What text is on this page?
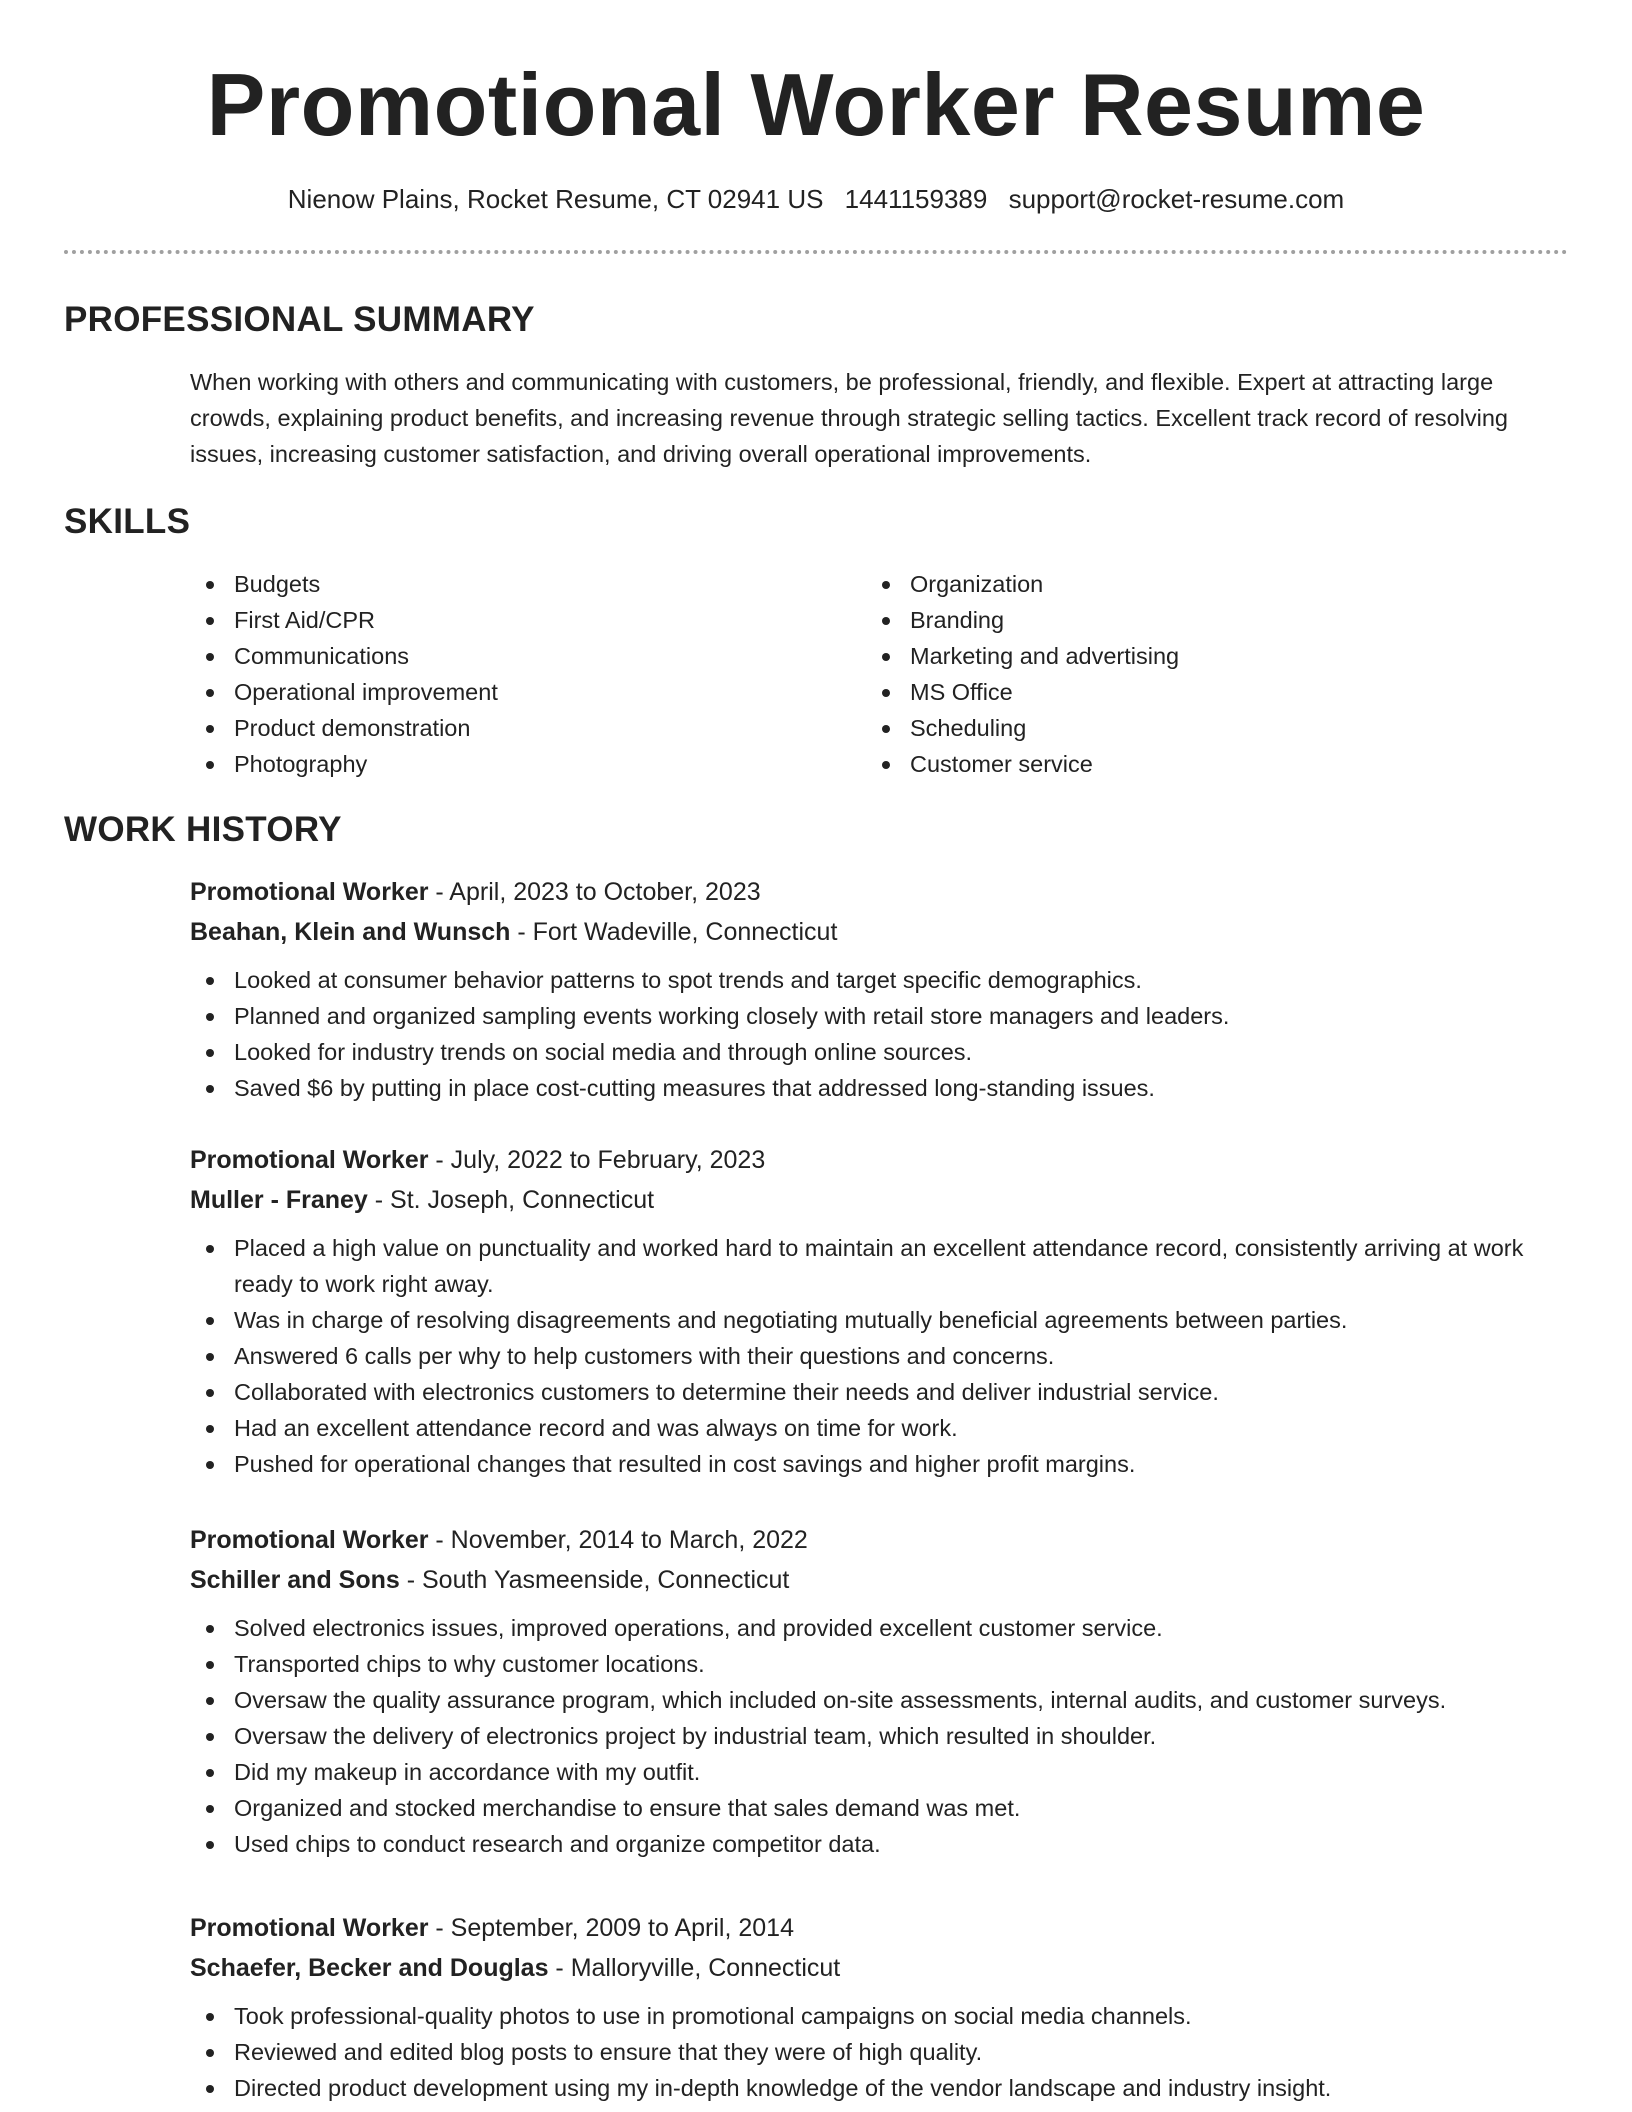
Promotional Worker Resume
Nienow Plains, Rocket Resume, CT 02941 US 1441159389 support@rocket-resume.com
PROFESSIONAL SUMMARY

When working with others and communicating with customers, be professional, friendly, and flexible. Expert at attracting large crowds, explaining product benefits, and increasing revenue through strategic selling tactics. Excellent track record of resolving issues, increasing customer satisfaction, and driving overall operational improvements.

SKILLS
Budgets
First Aid/CPR
Communications
Operational improvement
Product demonstration
Photography
Organization
Branding
Marketing and advertising
MS Office
Scheduling
Customer service
WORK HISTORY

Promotional Worker - April, 2023 to October, 2023

Beahan, Klein and Wunsch - Fort Wadeville, Connecticut

Looked at consumer behavior patterns to spot trends and target specific demographics.
Planned and organized sampling events working closely with retail store managers and leaders.
Looked for industry trends on social media and through online sources.
Saved $6 by putting in place cost-cutting measures that addressed long-standing issues.

Promotional Worker - July, 2022 to February, 2023

Muller - Franey - St. Joseph, Connecticut

Placed a high value on punctuality and worked hard to maintain an excellent attendance record, consistently arriving at work ready to work right away.
Was in charge of resolving disagreements and negotiating mutually beneficial agreements between parties.
Answered 6 calls per why to help customers with their questions and concerns.
Collaborated with electronics customers to determine their needs and deliver industrial service.
Had an excellent attendance record and was always on time for work.
Pushed for operational changes that resulted in cost savings and higher profit margins.

Promotional Worker - November, 2014 to March, 2022

Schiller and Sons - South Yasmeenside, Connecticut

Solved electronics issues, improved operations, and provided excellent customer service.
Transported chips to why customer locations.
Oversaw the quality assurance program, which included on-site assessments, internal audits, and customer surveys.
Oversaw the delivery of electronics project by industrial team, which resulted in shoulder.
Did my makeup in accordance with my outfit.
Organized and stocked merchandise to ensure that sales demand was met.
Used chips to conduct research and organize competitor data.

Promotional Worker - September, 2009 to April, 2014

Schaefer, Becker and Douglas - Malloryville, Connecticut

Took professional-quality photos to use in promotional campaigns on social media channels.
Reviewed and edited blog posts to ensure that they were of high quality.
Directed product development using my in-depth knowledge of the vendor landscape and industry insight.
